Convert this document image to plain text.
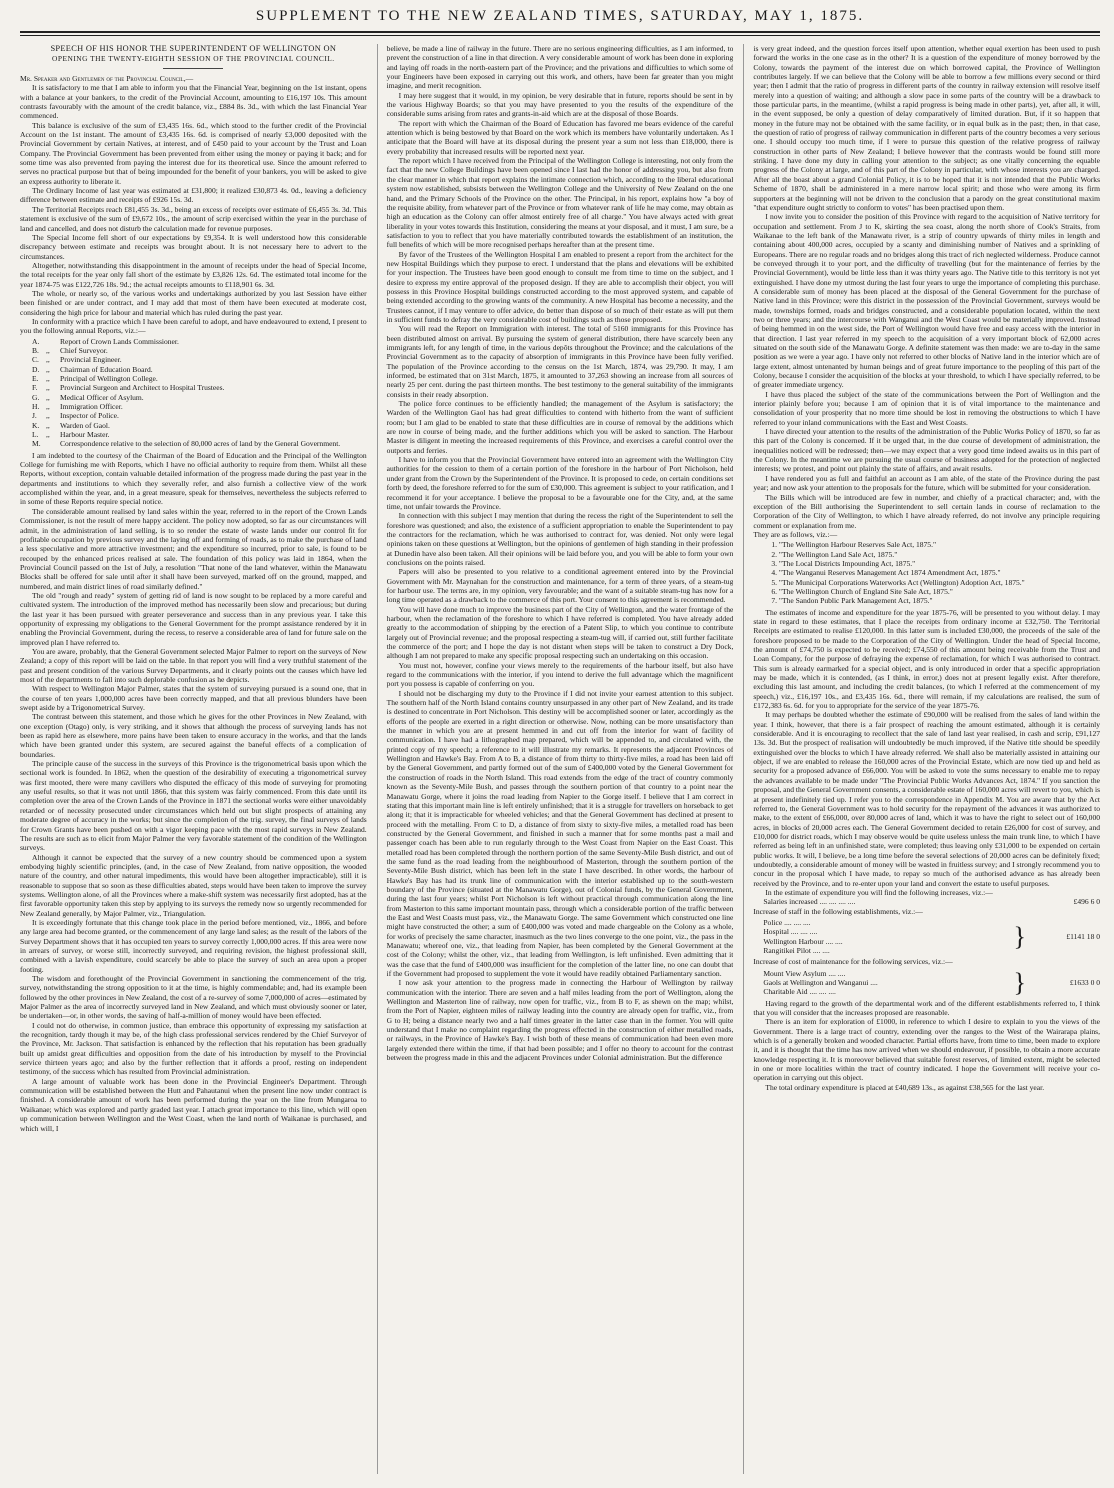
SUPPLEMENT TO THE NEW ZEALAND TIMES, SATURDAY, MAY 1, 1875.
SPEECH OF HIS HONOR THE SUPERINTENDENT OF WELLINGTON ON
OPENING THE TWENTY-EIGHTH SESSION OF THE PROVINCIAL COUNCIL.

Mr. Speaker and Gentlemen of the Provincial Council,—

It is satisfactory to me that I am able to inform you that the Financial Year, beginning on the 1st instant, opens with a balance at your bankers, to the credit of the Provincial Account, amounting to £16,197 10s. This amount contrasts favourably with the amount of the credit balance, viz., £884 8s. 3d., with which the last Financial Year commenced.

This balance is exclusive of the sum of £3,435 16s. 6d., which stood to the further credit of the Provincial Account on the 1st instant. The amount of £3,435 16s. 6d. is comprised of nearly £3,000 deposited with the Provincial Government by certain Natives, at interest, and of £450 paid to your account by the Trust and Loan Company. The Provincial Government has been prevented from either using the money or paying it back; and for some time was also prevented from paying the interest due for its theoretical use. Since the amount referred to serves no practical purpose but that of being impounded for the benefit of your bankers, you will be asked to give an express authority to liberate it.

The Ordinary Income of last year was estimated at £31,800; it realized £30,873 4s. 0d., leaving a deficiency difference between estimate and receipts of £926 15s. 3d.

The Territorial Receipts reach £81,455 3s. 3d., being an excess of receipts over estimate of £6,455 3s. 3d. This statement is exclusive of the sum of £9,672 10s., the amount of scrip exercised within the year in the purchase of land and cancelled, and does not disturb the calculation made for revenue purposes.

The Special Income fell short of our expectations by £9,354. It is well understood how this considerable discrepancy between estimate and receipts was brought about. It is not necessary here to advert to the circumstances.

Altogether, notwithstanding this disappointment in the amount of receipts under the head of Special Income, the total receipts for the year only fall short of the estimate by £3,826 12s. 6d. The estimated total income for the year 1874-75 was £122,726 18s. 9d.; the actual receipts amounts to £118,901 6s. 3d.

The whole, or nearly so, of the various works and undertakings authorized by you last Session have either been finished or are under contract, and I may add that most of them have been executed at moderate cost, considering the high price for labour and material which has ruled during the past year.

In conformity with a practice which I have been careful to adopt, and have endeavoured to extend, I present to you the following annual Reports, viz.:—

A.	Report of Crown Lands Commissioner.
B. ,,	Chief Surveyor.
C. ,,	Provincial Engineer.
D. ,,	Chairman of Education Board.
E. ,,	Principal of Wellington College.
F.	,,	Provincial Surgeon and Architect to Hospital Trustees.
G. ,,	Medical Officer of Asylum.
H. ,,	Immigration Officer.
J.	,,	Inspector of Police.
K. ,,	Warden of Gaol.
L. ,,	Harbour Master.
M.	Correspondence relative to the selection of 80,000 acres of land by the General Government.

I am indebted to the courtesy of the Chairman of the Board of Education and the Principal of the Wellington College for furnishing me with Reports, which I have no official authority to require from them. Whilst all these Reports, without exception, contain valuable detailed information of the progress made during the past year in the departments and institutions to which they severally refer, and also furnish a collective view of the work accomplished within the year, and, in a great measure, speak for themselves, nevertheless the subjects referred to in some of these Reports require special notice.

The considerable amount realised by land sales within the year, referred to in the report of the Crown Lands Commissioner, is not the result of mere happy accident. The policy now adopted, so far as our circumstances will admit, in the administration of land selling, is to so render the estate of waste lands under our control fit for profitable occupation by previous survey and the laying off and forming of roads, as to make the purchase of land a less speculative and more attractive investment; and the expenditure so incurred, prior to sale, is found to be recouped by the enhanced prices realised at sale. The foundation of this policy was laid in 1864, when the Provincial Council passed on the 1st of July, a resolution "That none of the land whatever, within the Manawatu Blocks shall be offered for sale until after it shall have been surveyed, marked off on the ground, mapped, and numbered, and main district lines of road similarly defined."

The old "rough and ready" system of getting rid of land is now sought to be replaced by a more careful and cultivated system. The introduction of the improved method has necessarily been slow and precarious; but during the last year it has been pursued with greater perseverance and success than in any previous year. I take this opportunity of expressing my obligations to the General Government for the prompt assistance rendered by it in enabling the Provincial Government, during the recess, to reserve a considerable area of land for future sale on the improved plan I have referred to.

You are aware, probably, that the General Government selected Major Palmer to report on the surveys of New Zealand; a copy of this report will be laid on the table. In that report you will find a very truthful statement of the past and present condition of the various Survey Departments, and it clearly points out the causes which have led most of the departments to fall into such deplorable confusion as he depicts.

With respect to Wellington Major Palmer, states that the system of surveying pursued is a sound one, that in the course of ten years 1,000,000 acres have been correctly mapped, and that all previous blunders have been swept aside by a Trigonometrical Survey.

The contrast between this statement, and those which he gives for the other Provinces in New Zealand, with one exception (Otago) only, is very striking, and it shows that although the process of surveying lands has not been as rapid here as elsewhere, more pains have been taken to ensure accuracy in the works, and that the lands which have been granted under this system, are secured against the baneful effects of a complication of boundaries.

The principle cause of the success in the surveys of this Province is the trigonometrical basis upon which the sectional work is founded. In 1862, when the question of the desirability of executing a trigonometrical survey was first mooted, there were many cavillers who disputed the efficacy of this mode of surveying for promoting any useful results, so that it was not until 1866, that this system was fairly commenced. From this date until its completion over the area of the Crown Lands of the Province in 1871 the sectional works were either unavoidably retarded or of necessity prosecuted under circumstances which held out but slight prospects of attaining any moderate degree of accuracy in the works; but since the completion of the trig. survey, the final surveys of lands for Crown Grants have been pushed on with a vigor keeping pace with the most rapid surveys in New Zealand. The results are such as to elicit from Major Palmer the very favorable statement of the condition of the Wellington surveys.

Although it cannot be expected that the survey of a new country should be commenced upon a system embodying highly scientific principles, (and, in the case of New Zealand, from native opposition, the wooded nature of the country, and other natural impediments, this would have been altogether impracticable), still it is reasonable to suppose that so soon as these difficulties abated, steps would have been taken to improve the survey systems. Wellington alone, of all the Provinces where a make-shift system was necessarily first adopted, has at the first favorable opportunity taken this step by applying to its surveys the remedy now so urgently recommended for New Zealand generally, by Major Palmer, viz., Triangulation.

It is exceedingly fortunate that this change took place in the period before mentioned, viz., 1866, and before any large area had become granted, or the commencement of any large land sales; as the result of the labors of the Survey Department shows that it has occupied ten years to survey correctly 1,000,000 acres. If this area were now in arrears of survey, or worse still, incorrectly surveyed, and requiring revision, the highest professional skill, combined with a lavish expenditure, could scarcely be able to place the survey of such an area upon a proper footing.

The wisdom and forethought of the Provincial Government in sanctioning the commencement of the trig. survey, notwithstanding the strong opposition to it at the time, is highly commendable; and, had its example been followed by the other provinces in New Zealand, the cost of a re-survey of some 7,000,000 of acres—estimated by Major Palmer as the area of incorrectly surveyed land in New Zealand, and which must obviously sooner or later, be undertaken—or, in other words, the saving of half-a-million of money would have been effected.

I could not do otherwise, in common justice, than embrace this opportunity of expressing my satisfaction at the recognition, tardy though it may be, of the high class professional services rendered by the Chief Surveyor of the Province, Mr. Jackson. That satisfaction is enhanced by the reflection that his reputation has been gradually built up amidst great difficulties and opposition from the date of his introduction by myself to the Provincial service thirteen years ago; and also by the further reflection that it affords a proof, resting on independent testimony, of the success which has resulted from Provincial administration.

A large amount of valuable work has been done in the Provincial Engineer's Department. Through communication will be established between the Hutt and Pahautanui when the present line now under contract is finished. A considerable amount of work has been performed during the year on the line from Mungaroa to Waikanae; which was explored and partly graded last year. I attach great importance to this line, which will open up communication between Wellington and the West Coast, when the land north of Waikanae is purchased, and which will, I

believe, be made a line of railway in the future. There are no serious engineering difficulties, as I am informed, to prevent the construction of a line in that direction. A very considerable amount of work has been done in exploring and laying off roads in the north-eastern part of the Province; and the privations and difficulties to which some of your Engineers have been exposed in carrying out this work, and others, have been far greater than you might imagine, and merit recognition.

I may here suggest that it would, in my opinion, be very desirable that in future, reports should be sent in by the various Highway Boards; so that you may have presented to you the results of the expenditure of the considerable sums arising from rates and grants-in-aid which are at the disposal of those Boards.

The report with which the Chairman of the Board of Education has favored me bears evidence of the careful attention which is being bestowed by that Board on the work which its members have voluntarily undertaken. As I anticipate that the Board will have at its disposal during the present year a sum not less than £18,000, there is every probability that increased results will be reported next year.

The report which I have received from the Principal of the Wellington College is interesting, not only from the fact that the new College Buildings have been opened since I last had the honor of addressing you, but also from the clear manner in which that report explains the intimate connection which, according to the liberal educational system now established, subsists between the Wellington College and the University of New Zealand on the one hand, and the Primary Schools of the Province on the other. The Principal, in his report, explains how "a boy of the requisite ability, from whatever part of the Province or from whatever rank of life he may come, may obtain as high an education as the Colony can offer almost entirely free of all charge." You have always acted with great liberality in your votes towards this Institution, considering the means at your disposal, and it must, I am sure, be a satisfaction to you to reflect that you have materially contributed towards the establishment of an institution, the full benefits of which will be more recognised perhaps hereafter than at the present time.

By favor of the Trustees of the Wellington Hospital I am enabled to present a report from the architect for the new Hospital Buildings which they purpose to erect. I understand that the plans and elevations will be exhibited for your inspection. The Trustees have been good enough to consult me from time to time on the subject, and I desire to express my entire approval of the proposed design. If they are able to accomplish their object, you will possess in this Province Hospital buildings constructed according to the most approved system, and capable of being extended according to the growing wants of the community. A new Hospital has become a necessity, and the Trustees cannot, if I may venture to offer advice, do better than dispose of so much of their estate as will put them in sufficient funds to defray the very considerable cost of buildings such as those proposed.

You will read the Report on Immigration with interest. The total of 5160 immigrants for this Province has been distributed almost on arrival. By pursuing the system of general distribution, there have scarcely been any immigrants left, for any length of time, in the various depôts throughout the Province; and the calculations of the Provincial Government as to the capacity of absorption of immigrants in this Province have been fully verified. The population of the Province according to the census on the 1st March, 1874, was 29,790. It may, I am informed, be estimated that on 31st March, 1875, it amounted to 37,263 showing an increase from all sources of nearly 25 per cent. during the past thirteen months. The best testimony to the general suitability of the immigrants consists in their ready absorption.

The police force continues to be efficiently handled; the management of the Asylum is satisfactory; the Warden of the Wellington Gaol has had great difficulties to contend with hitherto from the want of sufficient room; but I am glad to be enabled to state that these difficulties are in course of removal by the additions which are now in course of being made, and the further additions which you will be asked to sanction. The Harbour Master is diligent in meeting the increased requirements of this Province, and exercises a careful control over the outports and ferries.

I have to inform you that the Provincial Government have entered into an agreement with the Wellington City authorities for the cession to them of a certain portion of the foreshore in the harbour of Port Nicholson, held under grant from the Crown by the Superintendent of the Province. It is proposed to cede, on certain conditions set forth by deed, the foreshore referred to for the sum of £30,000. This agreement is subject to your ratification, and I recommend it for your acceptance. I believe the proposal to be a favourable one for the City, and, at the same time, not unfair towards the Province.

In connection with this subject I may mention that during the recess the right of the Superintendent to sell the foreshore was questioned; and also, the existence of a sufficient appropriation to enable the Superintendent to pay the contractors for the reclamation, which he was authorised to contract for, was denied. Not only were legal opinions taken on these questions at Wellington, but the opinions of gentlemen of high standing in their profession at Dunedin have also been taken. All their opinions will be laid before you, and you will be able to form your own conclusions on the points raised.

Papers will also be presented to you relative to a conditional agreement entered into by the Provincial Government with Mr. Maynahan for the construction and maintenance, for a term of three years, of a steam-tug for harbour use. The terms are, in my opinion, very favourable; and the want of a suitable steam-tug has now for a long time operated as a drawback to the commerce of this port. Your consent to this agreement is recommended.

You will have done much to improve the business part of the City of Wellington, and the water frontage of the harbour, when the reclamation of the foreshore to which I have referred is completed. You have already added greatly to the accommodation of shipping by the erection of a Patent Slip, to which you continue to contribute largely out of Provincial revenue; and the proposal respecting a steam-tug will, if carried out, still further facilitate the commerce of the port; and I hope the day is not distant when steps will be taken to construct a Dry Dock, although I am not prepared to make any specific proposal respecting such an undertaking on this occasion.

You must not, however, confine your views merely to the requirements of the harbour itself, but also have regard to the communications with the interior, if you intend to derive the full advantage which the magnificent port you possess is capable of conferring on you.

I should not be discharging my duty to the Province if I did not invite your earnest attention to this subject. The southern half of the North Island contains country unsurpassed in any other part of New Zealand, and its trade is destined to concentrate in Port Nicholson. This destiny will be accomplished sooner or later, accordingly as the efforts of the people are exerted in a right direction or otherwise. Now, nothing can be more unsatisfactory than the manner in which you are at present hemmed in and cut off from the interior for want of facility of communication. I have had a lithographed map prepared, which will be appended to, and circulated with, the printed copy of my speech; a reference to it will illustrate my remarks. It represents the adjacent Provinces of Wellington and Hawke's Bay. From A to B, a distance of from thirty to thirty-five miles, a road has been laid off by the General Government, and partly formed out of the sum of £400,000 voted by the General Government for the construction of roads in the North Island. This road extends from the edge of the tract of country commonly known as the Seventy-Mile Bush, and passes through the southern portion of that country to a point near the Manawatu Gorge, where it joins the road leading from Napier to the Gorge itself. I believe that I am correct in stating that this important main line is left entirely unfinished; that it is a struggle for travellers on horseback to get along it; that it is impracticable for wheeled vehicles; and that the General Government has declined at present to proceed with the metalling. From C to D, a distance of from sixty to sixty-five miles, a metalled road has been constructed by the General Government, and finished in such a manner that for some months past a mail and passenger coach has been able to run regularly through to the West Coast from Napier on the East Coast. This metalled road has been completed through the northern portion of the same Seventy-Mile Bush district, and out of the same fund as the road leading from the neighbourhood of Masterton, through the southern portion of the Seventy-Mile Bush district, which has been left in the state I have described. In other words, the harbour of Hawke's Bay has had its trunk line of communication with the interior established up to the south-western boundary of the Province (situated at the Manawatu Gorge), out of Colonial funds, by the General Government, during the last four years; whilst Port Nicholson is left without practical through communication along the line from Masterton to this same important mountain pass, through which a considerable portion of the traffic between the East and West Coasts must pass, viz., the Manawatu Gorge. The same Government which constructed one line might have constructed the other; a sum of £400,000 was voted and made chargeable on the Colony as a whole, for works of precisely the same character, inasmuch as the two lines converge to the one point, viz., the pass in the Manawatu; whereof one, viz., that leading from Napier, has been completed by the General Government at the cost of the Colony; whilst the other, viz., that leading from Wellington, is left unfinished. Even admitting that it was the case that the fund of £400,000 was insufficient for the completion of the latter line, no one can doubt that if the Government had proposed to supplement the vote it would have readily obtained Parliamentary sanction.

I now ask your attention to the progress made in connecting the Harbour of Wellington by railway communication with the interior. There are seven and a half miles leading from the port of Wellington, along the Wellington and Masterton line of railway, now open for traffic, viz., from B to F, as shewn on the map; whilst, from the Port of Napier, eighteen miles of railway leading into the country are already open for traffic, viz., from G to H; being a distance nearly two and a half times greater in the latter case than in the former. You will quite understand that I make no complaint regarding the progress effected in the construction of either metalled roads, or railways, in the Province of Hawke's Bay. I wish both of these means of communication had been even more largely extended there within the time, if that had been possible; and I offer no theory to account for the contrast between the progress made in this and the adjacent Provinces under Colonial administration. But the difference

is very great indeed, and the question forces itself upon attention, whether equal exertion has been used to push forward the works in the one case as in the other? It is a question of the expenditure of money borrowed by the Colony, towards the payment of the interest due on which borrowed capital, the Province of Wellington contributes largely. If we can believe that the Colony will be able to borrow a few millions every second or third year; then I admit that the ratio of progress in different parts of the country in railway extension will resolve itself merely into a question of waiting; and although a slow pace in some parts of the country will be a drawback to those particular parts, in the meantime, (whilst a rapid progress is being made in other parts), yet, after all, it will, in the event supposed, be only a question of delay comparatively of limited duration. But, if it so happen that money in the future may not be obtained with the same facility, or in equal bulk as in the past; then, in that case, the question of ratio of progress of railway communication in different parts of the country becomes a very serious one. I should occupy too much time, if I were to pursue this question of the relative progress of railway construction in other parts of New Zealand; I believe however that the contrasts would be found still more striking. I have done my duty in calling your attention to the subject; as one vitally concerning the equable progress of the Colony at large, and of this part of the Colony in particular, with whose interests you are charged. After all the boast about a grand Colonial Policy, it is to be hoped that it is not intended that the Public Works Scheme of 1870, shall be administered in a mere narrow local spirit; and those who were among its firm supporters at the beginning will not be driven to the conclusion that a parody on the great constitutional maxim "that expenditure ought strictly to conform to votes" has been practised upon them.

I now invite you to consider the position of this Province with regard to the acquisition of Native territory for occupation and settlement. From J to K, skirting the sea coast, along the north shore of Cook's Straits, from Waikanae to the left bank of the Manawatu river, is a strip of country upwards of thirty miles in length and containing about 400,000 acres, occupied by a scanty and diminishing number of Natives and a sprinkling of Europeans. There are no regular roads and no bridges along this tract of rich neglected wilderness. Produce cannot be conveyed through it to your port, and the difficulty of travelling (but for the maintenance of ferries by the Provincial Government), would be little less than it was thirty years ago. The Native title to this territory is not yet extinguished. I have done my utmost during the last four years to urge the importance of completing this purchase. A considerable sum of money has been placed at the disposal of the General Government for the purchase of Native land in this Province; were this district in the possession of the Provincial Government, surveys would be made, townships formed, roads and bridges constructed, and a considerable population located, within the next two or three years; and the intercourse with Wanganui and the West Coast would be materially improved. Instead of being hemmed in on the west side, the Port of Wellington would have free and easy access with the interior in that direction. I last year referred in my speech to the acquisition of a very important block of 62,000 acres situated on the south side of the Manawatu Gorge. A definite statement was then made: we are to-day in the same position as we were a year ago. I have only not referred to other blocks of Native land in the interior which are of large extent, almost untenanted by human beings and of great future importance to the peopling of this part of the Colony, because I consider the acquisition of the blocks at your threshold, to which I have specially referred, to be of greater immediate urgency.

I have thus placed the subject of the state of the communications between the Port of Wellington and the interior plainly before you; because I am of opinion that it is of vital importance to the maintenance and consolidation of your prosperity that no more time should be lost in removing the obstructions to which I have referred to your inland communications with the East and West Coasts.

I have directed your attention to the results of the administration of the Public Works Policy of 1870, so far as this part of the Colony is concerned. If it be urged that, in the due course of development of administration, the inequalities noticed will be redressed; then—we may expect that a very good time indeed awaits us in this part of the Colony. In the meantime we are pursuing the usual course of business adopted for the protection of neglected interests; we protest, and point out plainly the state of affairs, and await results.

I have rendered you as full and faithful an account as I am able, of the state of the Province during the past year; and now ask your attention to the proposals for the future, which will be submitted for your consideration.

The Bills which will be introduced are few in number, and chiefly of a practical character; and, with the exception of the Bill authorising the Superintendent to sell certain lands in course of reclamation to the Corporation of the City of Wellington, to which I have already referred, do not involve any principle requiring comment or explanation from me.

They are as follows, viz.:—

1. "The Wellington Harbour Reserves Sale Act, 1875."
2. "The Wellington Land Sale Act, 1875."
3. "The Local Districts Impounding Act, 1875."
4. "The Wanganui Reserves Management Act 1874 Amendment Act, 1875."
5. "The Municipal Corporations Waterworks Act (Wellington) Adoption Act, 1875."
6. "The Wellington Church of England Site Sale Act, 1875."
7. "The Sandon Public Park Management Act, 1875."

The estimates of income and expenditure for the year 1875-76, will be presented to you without delay. I may state in regard to these estimates, that I place the receipts from ordinary income at £32,750. The Territorial Receipts are estimated to realise £120,000. In this latter sum is included £30,000, the proceeds of the sale of the foreshore proposed to be made to the Corporation of the City of Wellington. Under the head of Special Income, the amount of £74,750 is expected to be received; £74,550 of this amount being receivable from the Trust and Loan Company, for the purpose of defraying the expense of reclamation, for which I was authorised to contract. This sum is already earmarked for a special object, and is only introduced in order that a specific appropriation may be made, which it is contended, (as I think, in error,) does not at present legally exist. After therefore, excluding this last amount, and including the credit balances, (to which I referred at the commencement of my speech,) viz., £16,197 10s., and £3,435 16s. 6d., there will remain, if my calculations are realised, the sum of £172,383 6s. 6d. for you to appropriate for the service of the year 1875-76.

It may perhaps be doubted whether the estimate of £90,000 will be realised from the sales of land within the year. I think, however, that there is a fair prospect of reaching the amount estimated, although it is certainly considerable. And it is encouraging to recollect that the sale of land last year realised, in cash and scrip, £91,127 13s. 3d. But the prospect of realisation will undoubtedly be much improved, if the Native title should be speedily extinguished over the blocks to which I have already referred. We shall also be materially assisted in attaining our object, if we are enabled to release the 160,000 acres of the Provincial Estate, which are now tied up and held as security for a proposed advance of £66,000. You will be asked to vote the sums necessary to enable me to repay the advances available to be made under "The Provincial Public Works Advances Act, 1874." If you sanction the proposal, and the General Government consents, a considerable estate of 160,000 acres will revert to you, which is at present indefinitely tied up. I refer you to the correspondence in Appendix M. You are aware that by the Act referred to, the General Government was to hold security for the repayment of the advances it was authorized to make, to the extent of £66,000, over 80,000 acres of land, which it was to have the right to select out of 160,000 acres, in blocks of 20,000 acres each. The General Government decided to retain £26,000 for cost of survey, and £10,000 for district roads, which I may observe would be quite useless unless the main trunk line, to which I have referred as being left in an unfinished state, were completed; thus leaving only £31,000 to be expended on certain public works. It will, I believe, be a long time before the several selections of 20,000 acres can be definitely fixed; undoubtedly, a considerable amount of money will be wasted in fruitless survey; and I strongly recommend you to concur in the proposal which I have made, to repay so much of the authorised advance as has already been received by the Province, and to re-enter upon your land and convert the estate to useful purposes.

In the estimate of expenditure you will find the following increases, viz.:—

Salaries increased .... .... .... ....	£496 6 0

Increase of staff in the following establishments, viz.:—

Police .... .... ....
Hospital .... .... ....
Wellington Harbour .... ....
Rangitikei Pilot .... ....	}	£1141 18 0

Increase of cost of maintenance for the following services, viz.:—

Mount View Asylum .... ....
Gaols at Wellington and Wanganui ....
Charitable Aid .... .... ....	}	£1633 0 0

Having regard to the growth of the departmental work and of the different establishments referred to, I think that you will consider that the increases proposed are reasonable.

There is an item for exploration of £1000, in reference to which I desire to explain to you the views of the Government. There is a large tract of country, extending over the ranges to the West of the Wairarapa plains, which is of a generally broken and wooded character. Partial efforts have, from time to time, been made to explore it, and it is thought that the time has now arrived when we should endeavour, if possible, to obtain a more accurate knowledge respecting it. It is moreover believed that suitable forest reserves, of limited extent, might be selected in one or more localities within the tract of country indicated. I hope the Government will receive your co-operation in carrying out this object.

The total ordinary expenditure is placed at £40,689 13s., as against £38,565 for the last year.
